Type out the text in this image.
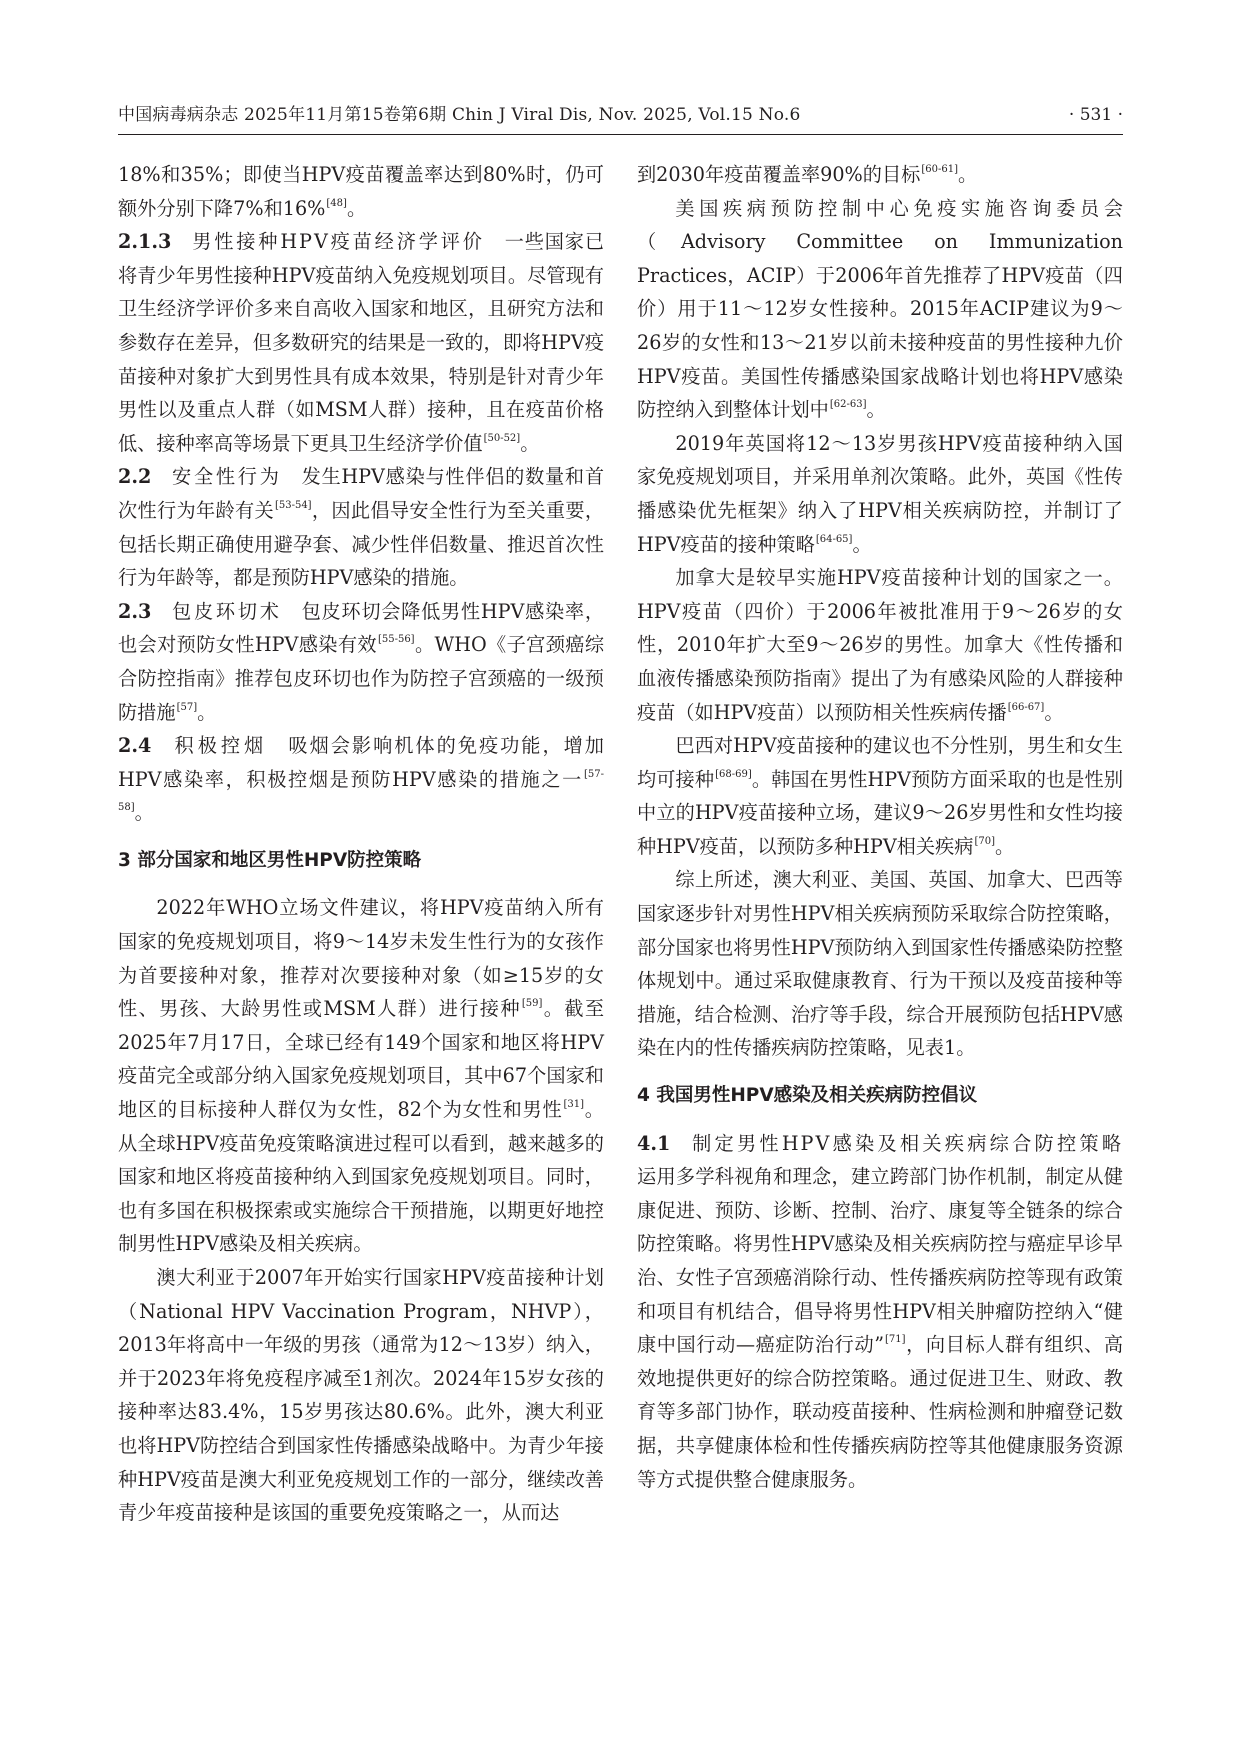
中国病毒病杂志 2025年11月第15卷第6期 Chin J Viral Dis, Nov. 2025, Vol.15 No.6	· 531 ·

18%和35%；即使当HPV疫苗覆盖率达到80%时，仍可额外分别下降7%和16%[48]。

2.1.3　 男性接种HPV疫苗经济学评价　 一些国家已将青少年男性接种HPV疫苗纳入免疫规划项目。尽管现有卫生经济学评价多来自高收入国家和地区，且研究方法和参数存在差异，但多数研究的结果是一致的，即将HPV疫苗接种对象扩大到男性具有成本效果，特别是针对青少年男性以及重点人群（如MSM人群）接种，且在疫苗价格低、接种率高等场景下更具卫生经济学价值[50-52]。

2.2　 安全性行为　 发生HPV感染与性伴侣的数量和首次性行为年龄有关[53-54]，因此倡导安全性行为至关重要，包括长期正确使用避孕套、减少性伴侣数量、推迟首次性行为年龄等，都是预防HPV感染的措施。

2.3　 包皮环切术　 包皮环切会降低男性HPV感染率，也会对预防女性HPV感染有效[55-56]。WHO《子宫颈癌综合防控指南》推荐包皮环切也作为防控子宫颈癌的一级预防措施[57]。

2.4　 积极控烟　 吸烟会影响机体的免疫功能，增加HPV感染率，积极控烟是预防HPV感染的措施之一[57-58]。

3 部分国家和地区男性HPV防控策略

2022年WHO立场文件建议，将HPV疫苗纳入所有国家的免疫规划项目，将9～14岁未发生性行为的女孩作为首要接种对象，推荐对次要接种对象（如≥15岁的女性、男孩、大龄男性或MSM人群）进行接种[59]。截至2025年7月17日，全球已经有149个国家和地区将HPV疫苗完全或部分纳入国家免疫规划项目，其中67个国家和地区的目标接种人群仅为女性，82个为女性和男性[31]。从全球HPV疫苗免疫策略演进过程可以看到，越来越多的国家和地区将疫苗接种纳入到国家免疫规划项目。同时，也有多国在积极探索或实施综合干预措施，以期更好地控制男性HPV感染及相关疾病。

澳大利亚于2007年开始实行国家HPV疫苗接种计划（National HPV Vaccination Program，NHVP），2013年将高中一年级的男孩（通常为12～13岁）纳入，并于2023年将免疫程序减至1剂次。2024年15岁女孩的接种率达83.4%，15岁男孩达80.6%。此外，澳大利亚也将HPV防控结合到国家性传播感染战略中。为青少年接种HPV疫苗是澳大利亚免疫规划工作的一部分，继续改善青少年疫苗接种是该国的重要免疫策略之一，从而达

到2030年疫苗覆盖率90%的目标[60-61]。

美国疾病预防控制中心免疫实施咨询委员会（Advisory Committee on Immunization Practices，ACIP）于2006年首先推荐了HPV疫苗（四价）用于11～12岁女性接种。2015年ACIP建议为9～26岁的女性和13～21岁以前未接种疫苗的男性接种九价HPV疫苗。美国性传播感染国家战略计划也将HPV感染防控纳入到整体计划中[62-63]。

2019年英国将12～13岁男孩HPV疫苗接种纳入国家免疫规划项目，并采用单剂次策略。此外，英国《性传播感染优先框架》纳入了HPV相关疾病防控，并制订了HPV疫苗的接种策略[64-65]。

加拿大是较早实施HPV疫苗接种计划的国家之一。HPV疫苗（四价）于2006年被批准用于9～26岁的女性，2010年扩大至9～26岁的男性。加拿大《性传播和血液传播感染预防指南》提出了为有感染风险的人群接种疫苗（如HPV疫苗）以预防相关性疾病传播[66-67]。

巴西对HPV疫苗接种的建议也不分性别，男生和女生均可接种[68-69]。韩国在男性HPV预防方面采取的也是性别中立的HPV疫苗接种立场，建议9～26岁男性和女性均接种HPV疫苗，以预防多种HPV相关疾病[70]。

综上所述，澳大利亚、美国、英国、加拿大、巴西等国家逐步针对男性HPV相关疾病预防采取综合防控策略，部分国家也将男性HPV预防纳入到国家性传播感染防控整体规划中。通过采取健康教育、行为干预以及疫苗接种等措施，结合检测、治疗等手段，综合开展预防包括HPV感染在内的性传播疾病防控策略，见表1。

4 我国男性HPV感染及相关疾病防控倡议

4.1　 制定男性HPV感染及相关疾病综合防控策略　运用多学科视角和理念，建立跨部门协作机制，制定从健康促进、预防、诊断、控制、治疗、康复等全链条的综合防控策略。将男性HPV感染及相关疾病防控与癌症早诊早治、女性子宫颈癌消除行动、性传播疾病防控等现有政策和项目有机结合，倡导将男性HPV相关肿瘤防控纳入“健康中国行动—癌症防治行动”[71]，向目标人群有组织、高效地提供更好的综合防控策略。通过促进卫生、财政、教育等多部门协作，联动疫苗接种、性病检测和肿瘤登记数据，共享健康体检和性传播疾病防控等其他健康服务资源等方式提供整合健康服务。
